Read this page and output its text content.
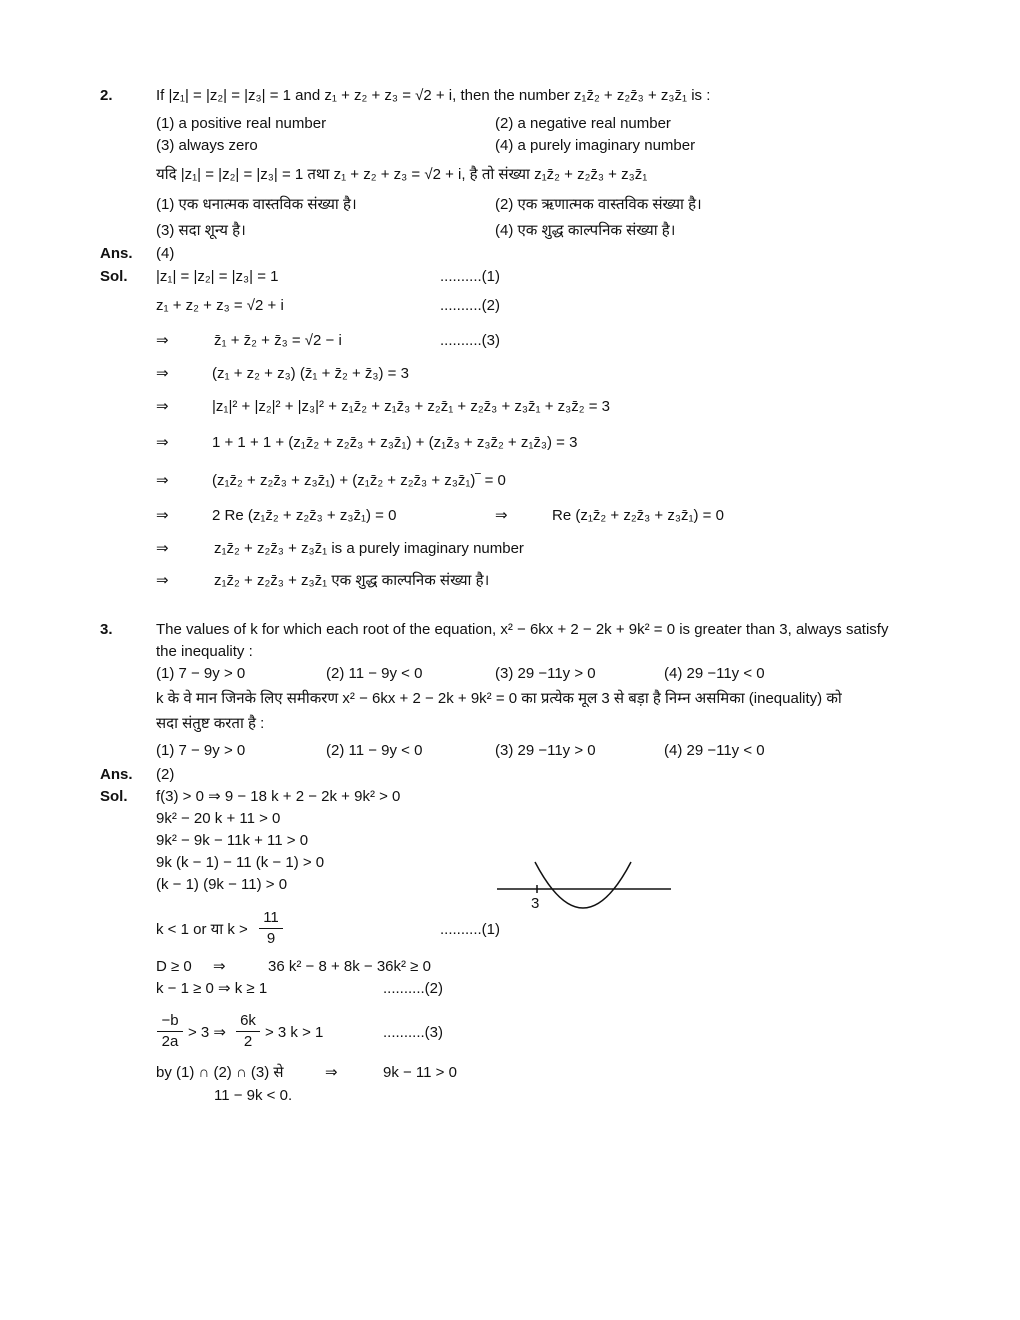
2.	If |z₁| = |z₂| = |z₃| = 1 and z₁ + z₂ + z₃ = √2 + i, then the number z₁z̄₂ + z₂z̄₃ + z₃z̄₁ is :
(1) a positive real number	(2) a negative real number
(3) always zero	(4) a purely imaginary number
यदि |z₁| = |z₂| = |z₃| = 1 तथा z₁ + z₂ + z₃ = √2 + i, है तो संख्या z₁z̄₂ + z₂z̄₃ + z₃z̄₁
(1) एक धनात्मक वास्तविक संख्या है।	(2) एक ऋणात्मक वास्तविक संख्या है।
(3) सदा शून्य है।	(4) एक शुद्ध काल्पनिक संख्या है।
Ans. (4)
Sol. |z₁| = |z₂| = |z₃| = 1	..........(1)
z₁ + z₂ + z₃ = √2 + i	..........(2)
⇒	z̄₁ + z̄₂ + z̄₃ = √2 − i	..........(3)
⇒	(z₁ + z₂ + z₃) (z̄₁ + z̄₂ + z̄₃) = 3
⇒	|z₁|² + |z₂|² + |z₃|² + z₁z̄₂ + z₁z̄₃ + z₂z̄₁ + z₂z̄₃ + z₃z̄₁ + z₃z̄₂ = 3
⇒	1 + 1 + 1 + (z₁z̄₂ + z₂z̄₃ + z₃z̄₁) + (z₁z̄₃ + z₃z̄₂ + z₁z̄₃) = 3
⇒	(z₁z̄₂ + z₂z̄₃ + z₃z̄₁) + (z₁z̄₂ + z₂z̄₃ + z₃z̄₁)‾ = 0
⇒	2 Re (z₁z̄₂ + z₂z̄₃ + z₃z̄₁) = 0	⇒	Re (z₁z̄₂ + z₂z̄₃ + z₃z̄₁) = 0
⇒	z₁z̄₂ + z₂z̄₃ + z₃z̄₁ is a purely imaginary number
⇒	z₁z̄₂ + z₂z̄₃ + z₃z̄₁ एक शुद्ध काल्पनिक संख्या है।
3.	The values of k for which each root of the equation, x² − 6kx + 2 − 2k + 9k² = 0 is greater than 3, always satisfy
the inequality :
(1) 7 − 9y > 0	(2) 11 − 9y < 0	(3) 29 −11y > 0	(4) 29 −11y < 0
k के वे मान जिनके लिए समीकरण x² − 6kx + 2 − 2k + 9k² = 0 का प्रत्येक मूल 3 से बड़ा है निम्न असमिका (inequality) को
सदा संतुष्ट करता है :
(1) 7 − 9y > 0	(2) 11 − 9y < 0	(3) 29 −11y > 0	(4) 29 −11y < 0
Ans. (2)
Sol. f(3) > 0 ⇒ 9 − 18 k + 2 − 2k + 9k² > 0
9k² − 20 k + 11 > 0
9k² − 9k − 11k + 11 > 0
9k (k − 1) − 11 (k − 1) > 0
(k − 1) (9k − 11) > 0
3
k < 1 or या k >
11
9
..........(1)
D ≥ 0 ⇒	36 k² − 8 + 8k − 36k² ≥ 0
k − 1 ≥ 0 ⇒ k ≥ 1	..........(2)
−b
2a
> 3 ⇒
6k
2
> 3 k > 1	..........(3)
by (1) ∩ (2) ∩ (3) से	⇒	9k − 11 > 0
11 − 9k < 0.
